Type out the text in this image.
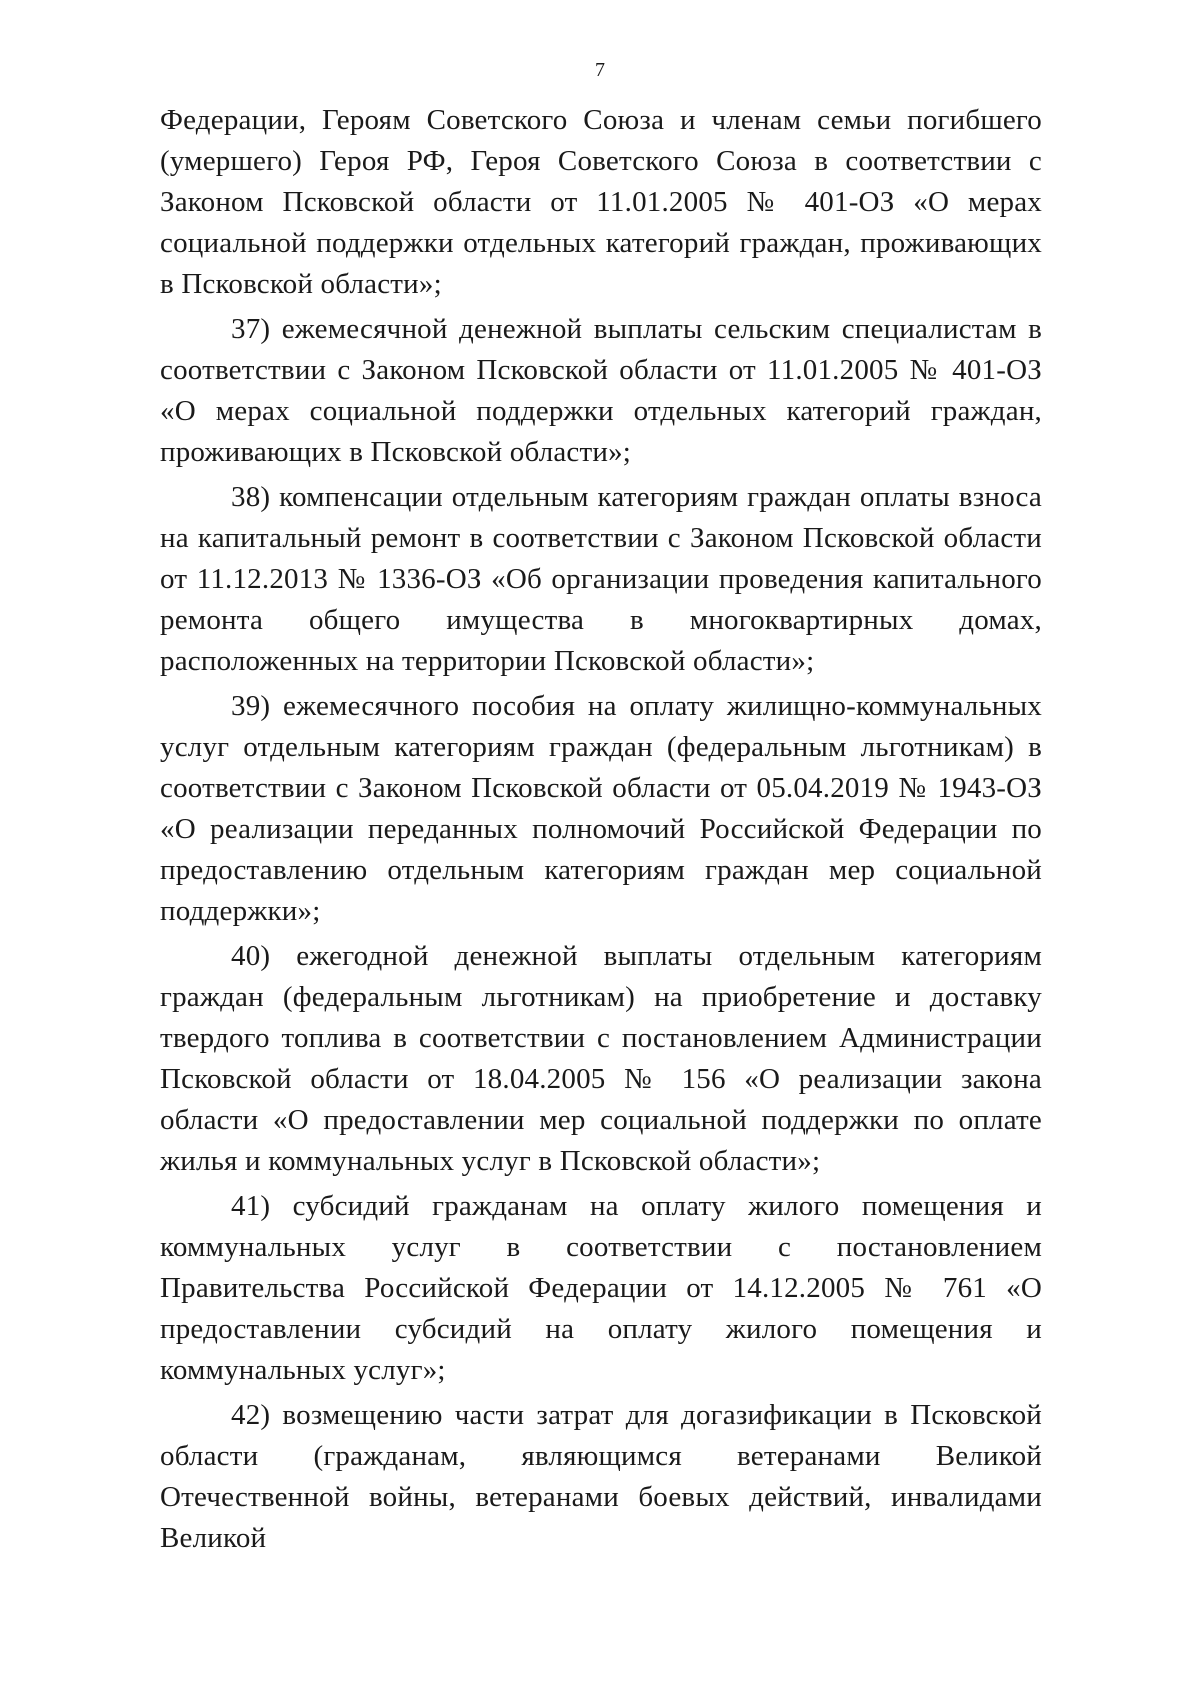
7

Федерации, Героям Советского Союза и членам семьи погибшего (умершего) Героя РФ, Героя Советского Союза в соответствии с Законом Псковской области от 11.01.2005 № 401-ОЗ «О мерах социальной поддержки отдельных категорий граждан, проживающих в Псковской области»;

37) ежемесячной денежной выплаты сельским специалистам в соответствии с Законом Псковской области от 11.01.2005 № 401-ОЗ «О мерах социальной поддержки отдельных категорий граждан, проживающих в Псковской области»;

38) компенсации отдельным категориям граждан оплаты взноса на капитальный ремонт в соответствии с Законом Псковской области от 11.12.2013 № 1336-ОЗ «Об организации проведения капитального ремонта общего имущества в многоквартирных домах, расположенных на территории Псковской области»;

39) ежемесячного пособия на оплату жилищно-коммунальных услуг отдельным категориям граждан (федеральным льготникам) в соответствии с Законом Псковской области от 05.04.2019 № 1943-ОЗ «О реализации переданных полномочий Российской Федерации по предоставлению отдельным категориям граждан мер социальной поддержки»;

40) ежегодной денежной выплаты отдельным категориям граждан (федеральным льготникам) на приобретение и доставку твердого топлива в соответствии с постановлением Администрации Псковской области от 18.04.2005 № 156 «О реализации закона области «О предоставлении мер социальной поддержки по оплате жилья и коммунальных услуг в Псковской области»;

41) субсидий гражданам на оплату жилого помещения и коммунальных услуг в соответствии с постановлением Правительства Российской Федерации от 14.12.2005 № 761 «О предоставлении субсидий на оплату жилого помещения и коммунальных услуг»;

42) возмещению части затрат для догазификации в Псковской области (гражданам, являющимся ветеранами Великой Отечественной войны, ветеранами боевых действий, инвалидами Великой
